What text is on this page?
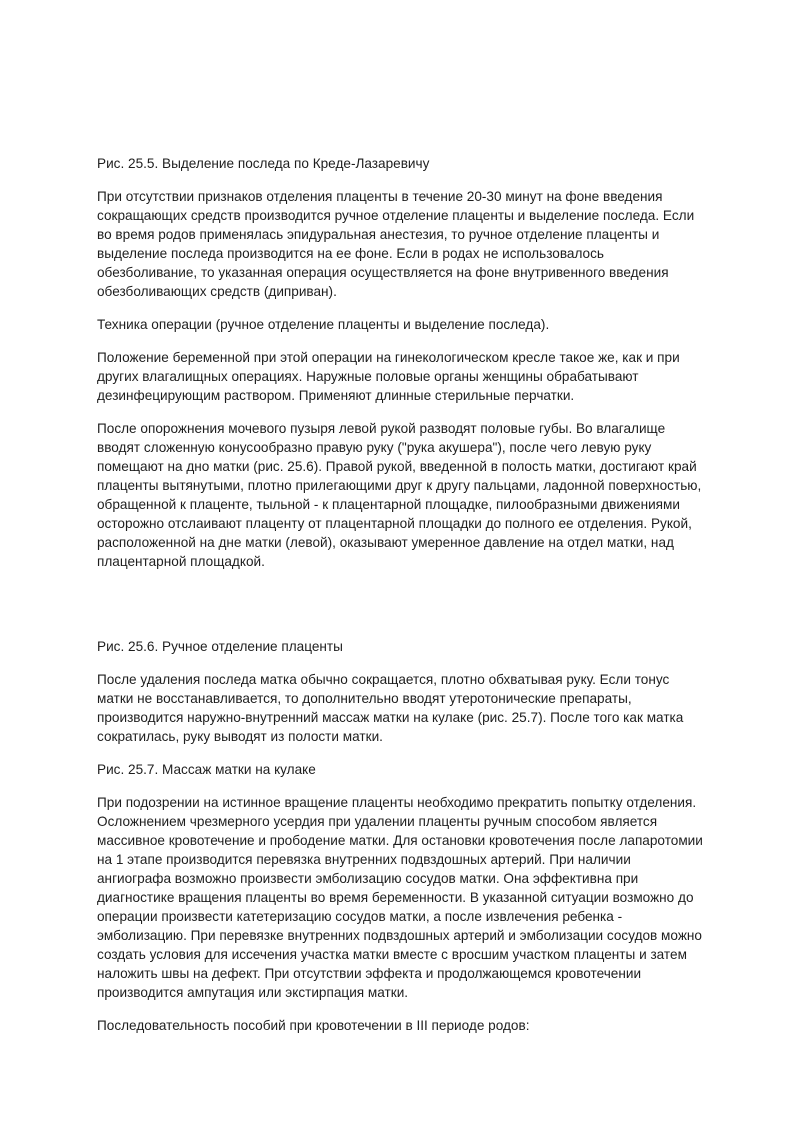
Рис. 25.5. Выделение последа по Креде-Лазаревичу

При отсутствии признаков отделения плаценты в течение 20-30 минут на фоне введения сокращающих средств производится ручное отделение плаценты и выделение последа. Если во время родов применялась эпидуральная анестезия, то ручное отделение плаценты и выделение последа производится на ее фоне. Если в родах не использовалось обезболивание, то указанная операция осуществляется на фоне внутривенного введения обезболивающих средств (диприван).

Техника операции (ручное отделение плаценты и выделение последа).

Положение беременной при этой операции на гинекологическом кресле такое же, как и при других влагалищных операциях. Наружные половые органы женщины обрабатывают дезинфецирующим раствором. Применяют длинные стерильные перчатки.

После опорожнения мочевого пузыря левой рукой разводят половые губы. Во влагалище вводят сложенную конусообразно правую руку ("рука акушера"), после чего левую руку помещают на дно матки (рис. 25.6). Правой рукой, введенной в полость матки, достигают край плаценты вытянутыми, плотно прилегающими друг к другу пальцами, ладонной поверхностью, обращенной к плаценте, тыльной - к плацентарной площадке, пилообразными движениями осторожно отслаивают плаценту от плацентарной площадки до полного ее отделения. Рукой, расположенной на дне матки (левой), оказывают умеренное давление на отдел матки, над плацентарной площадкой.

Рис. 25.6. Ручное отделение плаценты

После удаления последа матка обычно сокращается, плотно обхватывая руку. Если тонус матки не восстанавливается, то дополнительно вводят утеротонические препараты, производится наружно-внутренний массаж матки на кулаке (рис. 25.7). После того как матка сократилась, руку выводят из полости матки.

Рис. 25.7. Массаж матки на кулаке

При подозрении на истинное вращение плаценты необходимо прекратить попытку отделения. Осложнением чрезмерного усердия при удалении плаценты ручным способом является массивное кровотечение и прободение матки. Для остановки кровотечения после лапаротомии на 1 этапе производится перевязка внутренних подвздошных артерий. При наличии ангиографа возможно произвести эмболизацию сосудов матки. Она эффективна при диагностике вращения плаценты во время беременности. В указанной ситуации возможно до операции произвести катетеризацию сосудов матки, а после извлечения ребенка - эмболизацию. При перевязке внутренних подвздошных артерий и эмболизации сосудов можно создать условия для иссечения участка матки вместе с вросшим участком плаценты и затем наложить швы на дефект. При отсутствии эффекта и продолжающемся кровотечении производится ампутация или экстирпация матки.

Последовательность пособий при кровотечении в III периоде родов:
